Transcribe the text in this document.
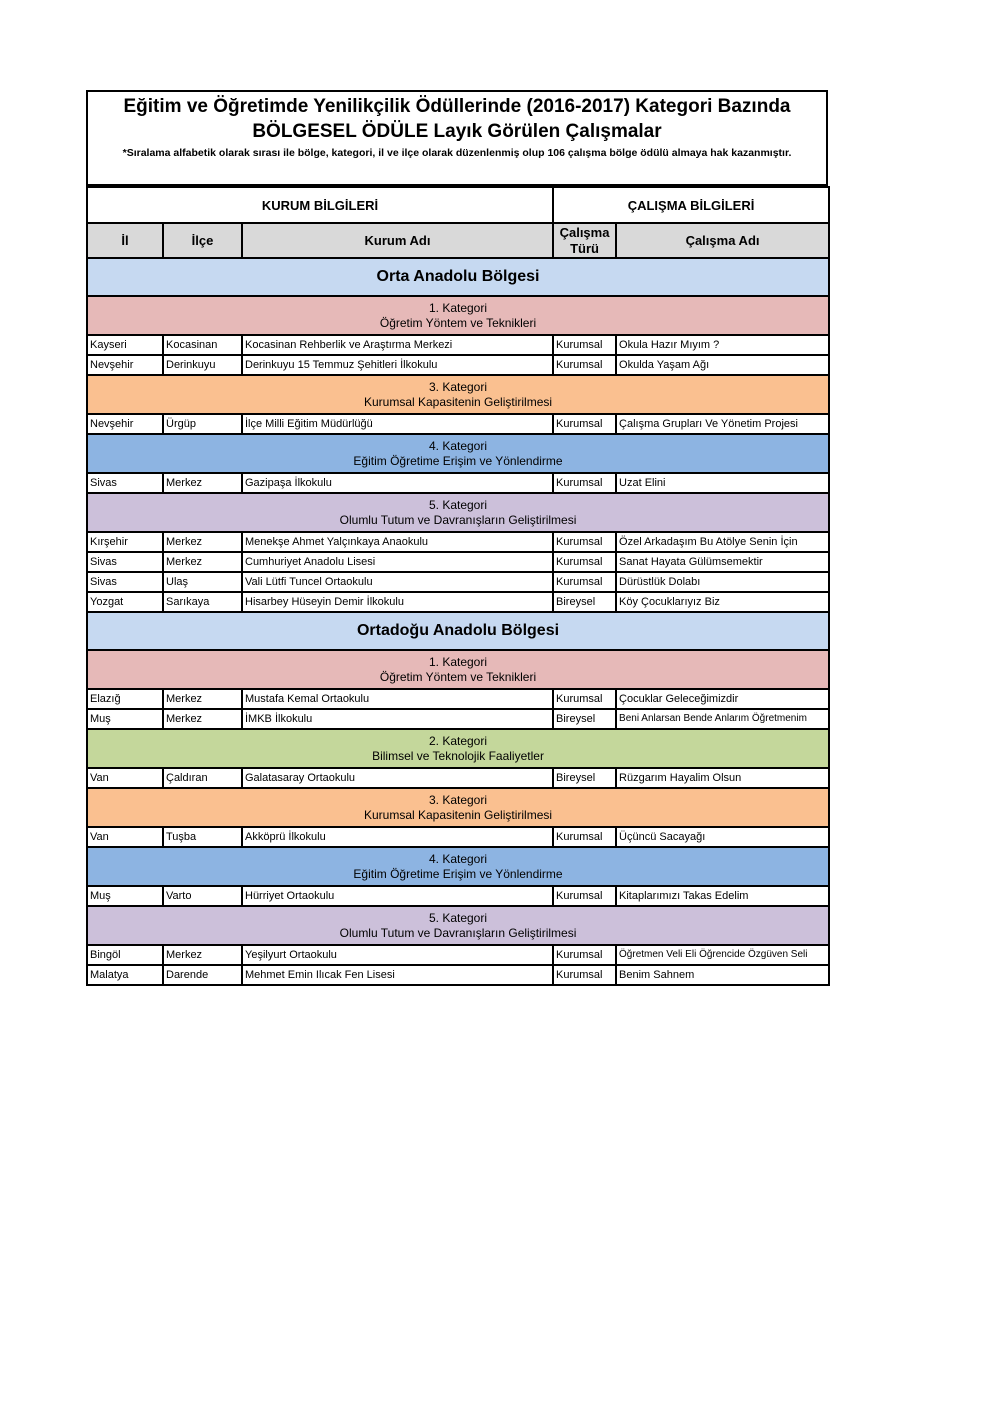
Eğitim ve Öğretimde Yenilikçilik Ödüllerinde (2016-2017) Kategori Bazında
BÖLGESEL ÖDÜLE Layık Görülen Çalışmalar
*Sıralama alfabetik olarak sırası ile bölge, kategori, il ve ilçe olarak düzenlenmiş olup 106 çalışma bölge ödülü almaya hak kazanmıştır.
KURUM BİLGİLERİ			ÇALIŞMA BİLGİLERİ	
İl	İlçe	Kurum Adı	Çalışma Türü	Çalışma Adı
Orta Anadolu Bölgesi				

1. Kategori
Öğretim Yöntem ve Teknikleri				

Kayseri	Kocasinan	Kocasinan Rehberlik ve Araştırma Merkezi	Kurumsal	Okula Hazır Mıyım ?
Nevşehir	Derinkuyu	Derinkuyu 15 Temmuz Şehitleri İlkokulu	Kurumsal	Okulda Yaşam Ağı

3. Kategori
Kurumsal Kapasitenin Geliştirilmesi				

Nevşehir	Ürgüp	İlçe Milli Eğitim Müdürlüğü	Kurumsal	Çalışma Grupları Ve Yönetim Projesi

4. Kategori
Eğitim Öğretime Erişim ve Yönlendirme				

Sivas	Merkez	Gazipaşa İlkokulu	Kurumsal	Uzat Elini

5. Kategori
Olumlu Tutum ve Davranışların Geliştirilmesi				

Kırşehir	Merkez	Menekşe Ahmet Yalçınkaya Anaokulu	Kurumsal	Özel Arkadaşım Bu Atölye Senin İçin
Sivas	Merkez	Cumhuriyet Anadolu Lisesi	Kurumsal	Sanat Hayata Gülümsemektir
Sivas	Ulaş	Vali Lütfi Tuncel Ortaokulu	Kurumsal	Dürüstlük Dolabı
Yozgat	Sarıkaya	Hisarbey Hüseyin Demir İlkokulu	Bireysel	Köy Çocuklarıyız Biz
Ortadoğu Anadolu Bölgesi				

1. Kategori
Öğretim Yöntem ve Teknikleri				

Elazığ	Merkez	Mustafa Kemal Ortaokulu	Kurumsal	Çocuklar Geleceğimizdir
Muş	Merkez	İMKB İlkokulu	Bireysel	Beni Anlarsan Bende Anlarım Öğretmenim

2. Kategori
Bilimsel ve Teknolojik Faaliyetler				

Van	Çaldıran	Galatasaray Ortaokulu	Bireysel	Rüzgarım Hayalim Olsun

3. Kategori
Kurumsal Kapasitenin Geliştirilmesi				

Van	Tuşba	Akköprü İlkokulu	Kurumsal	Üçüncü Sacayağı

4. Kategori
Eğitim Öğretime Erişim ve Yönlendirme				

Muş	Varto	Hürriyet Ortaokulu	Kurumsal	Kitaplarımızı Takas Edelim

5. Kategori
Olumlu Tutum ve Davranışların Geliştirilmesi				

Bingöl	Merkez	Yeşilyurt Ortaokulu	Kurumsal	Öğretmen Veli Eli Öğrencide Özgüven Seli
Malatya	Darende	Mehmet Emin Ilıcak Fen Lisesi	Kurumsal	Benim Sahnem
